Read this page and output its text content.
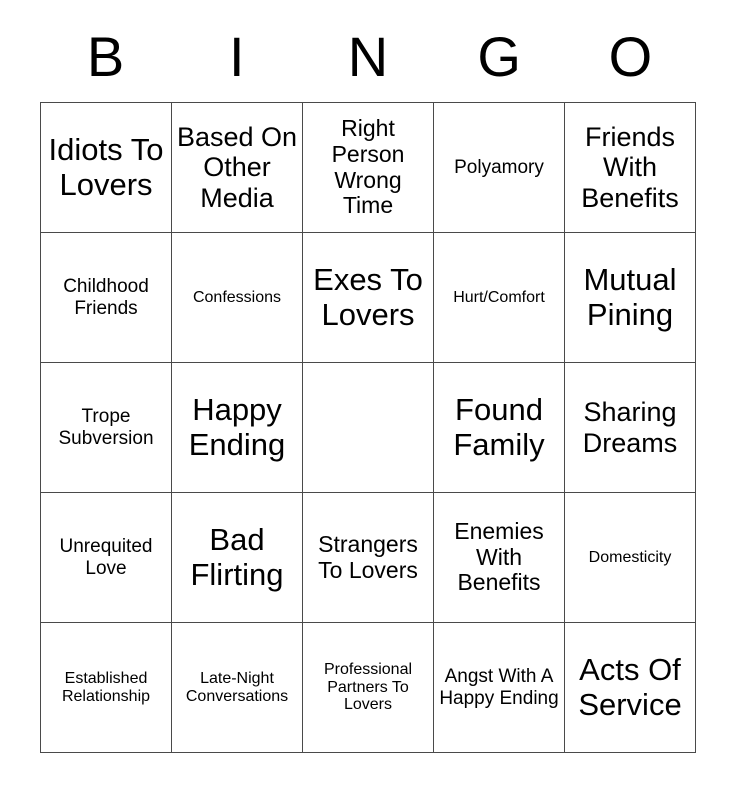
B	I	N	G	O
Idiots To Lovers	Based On Other Media	Right Person Wrong Time	Polyamory	Friends With Benefits

Childhood Friends	Confessions	Exes To Lovers	Hurt/Comfort	Mutual Pining

Trope Subversion	Happy Ending		Found Family	Sharing Dreams

Unrequited Love	Bad Flirting	Strangers To Lovers	Enemies With Benefits	Domesticity

Established Relationship	Late-Night Conversations	Professional Partners To Lovers	Angst With A Happy Ending	Acts Of Service
